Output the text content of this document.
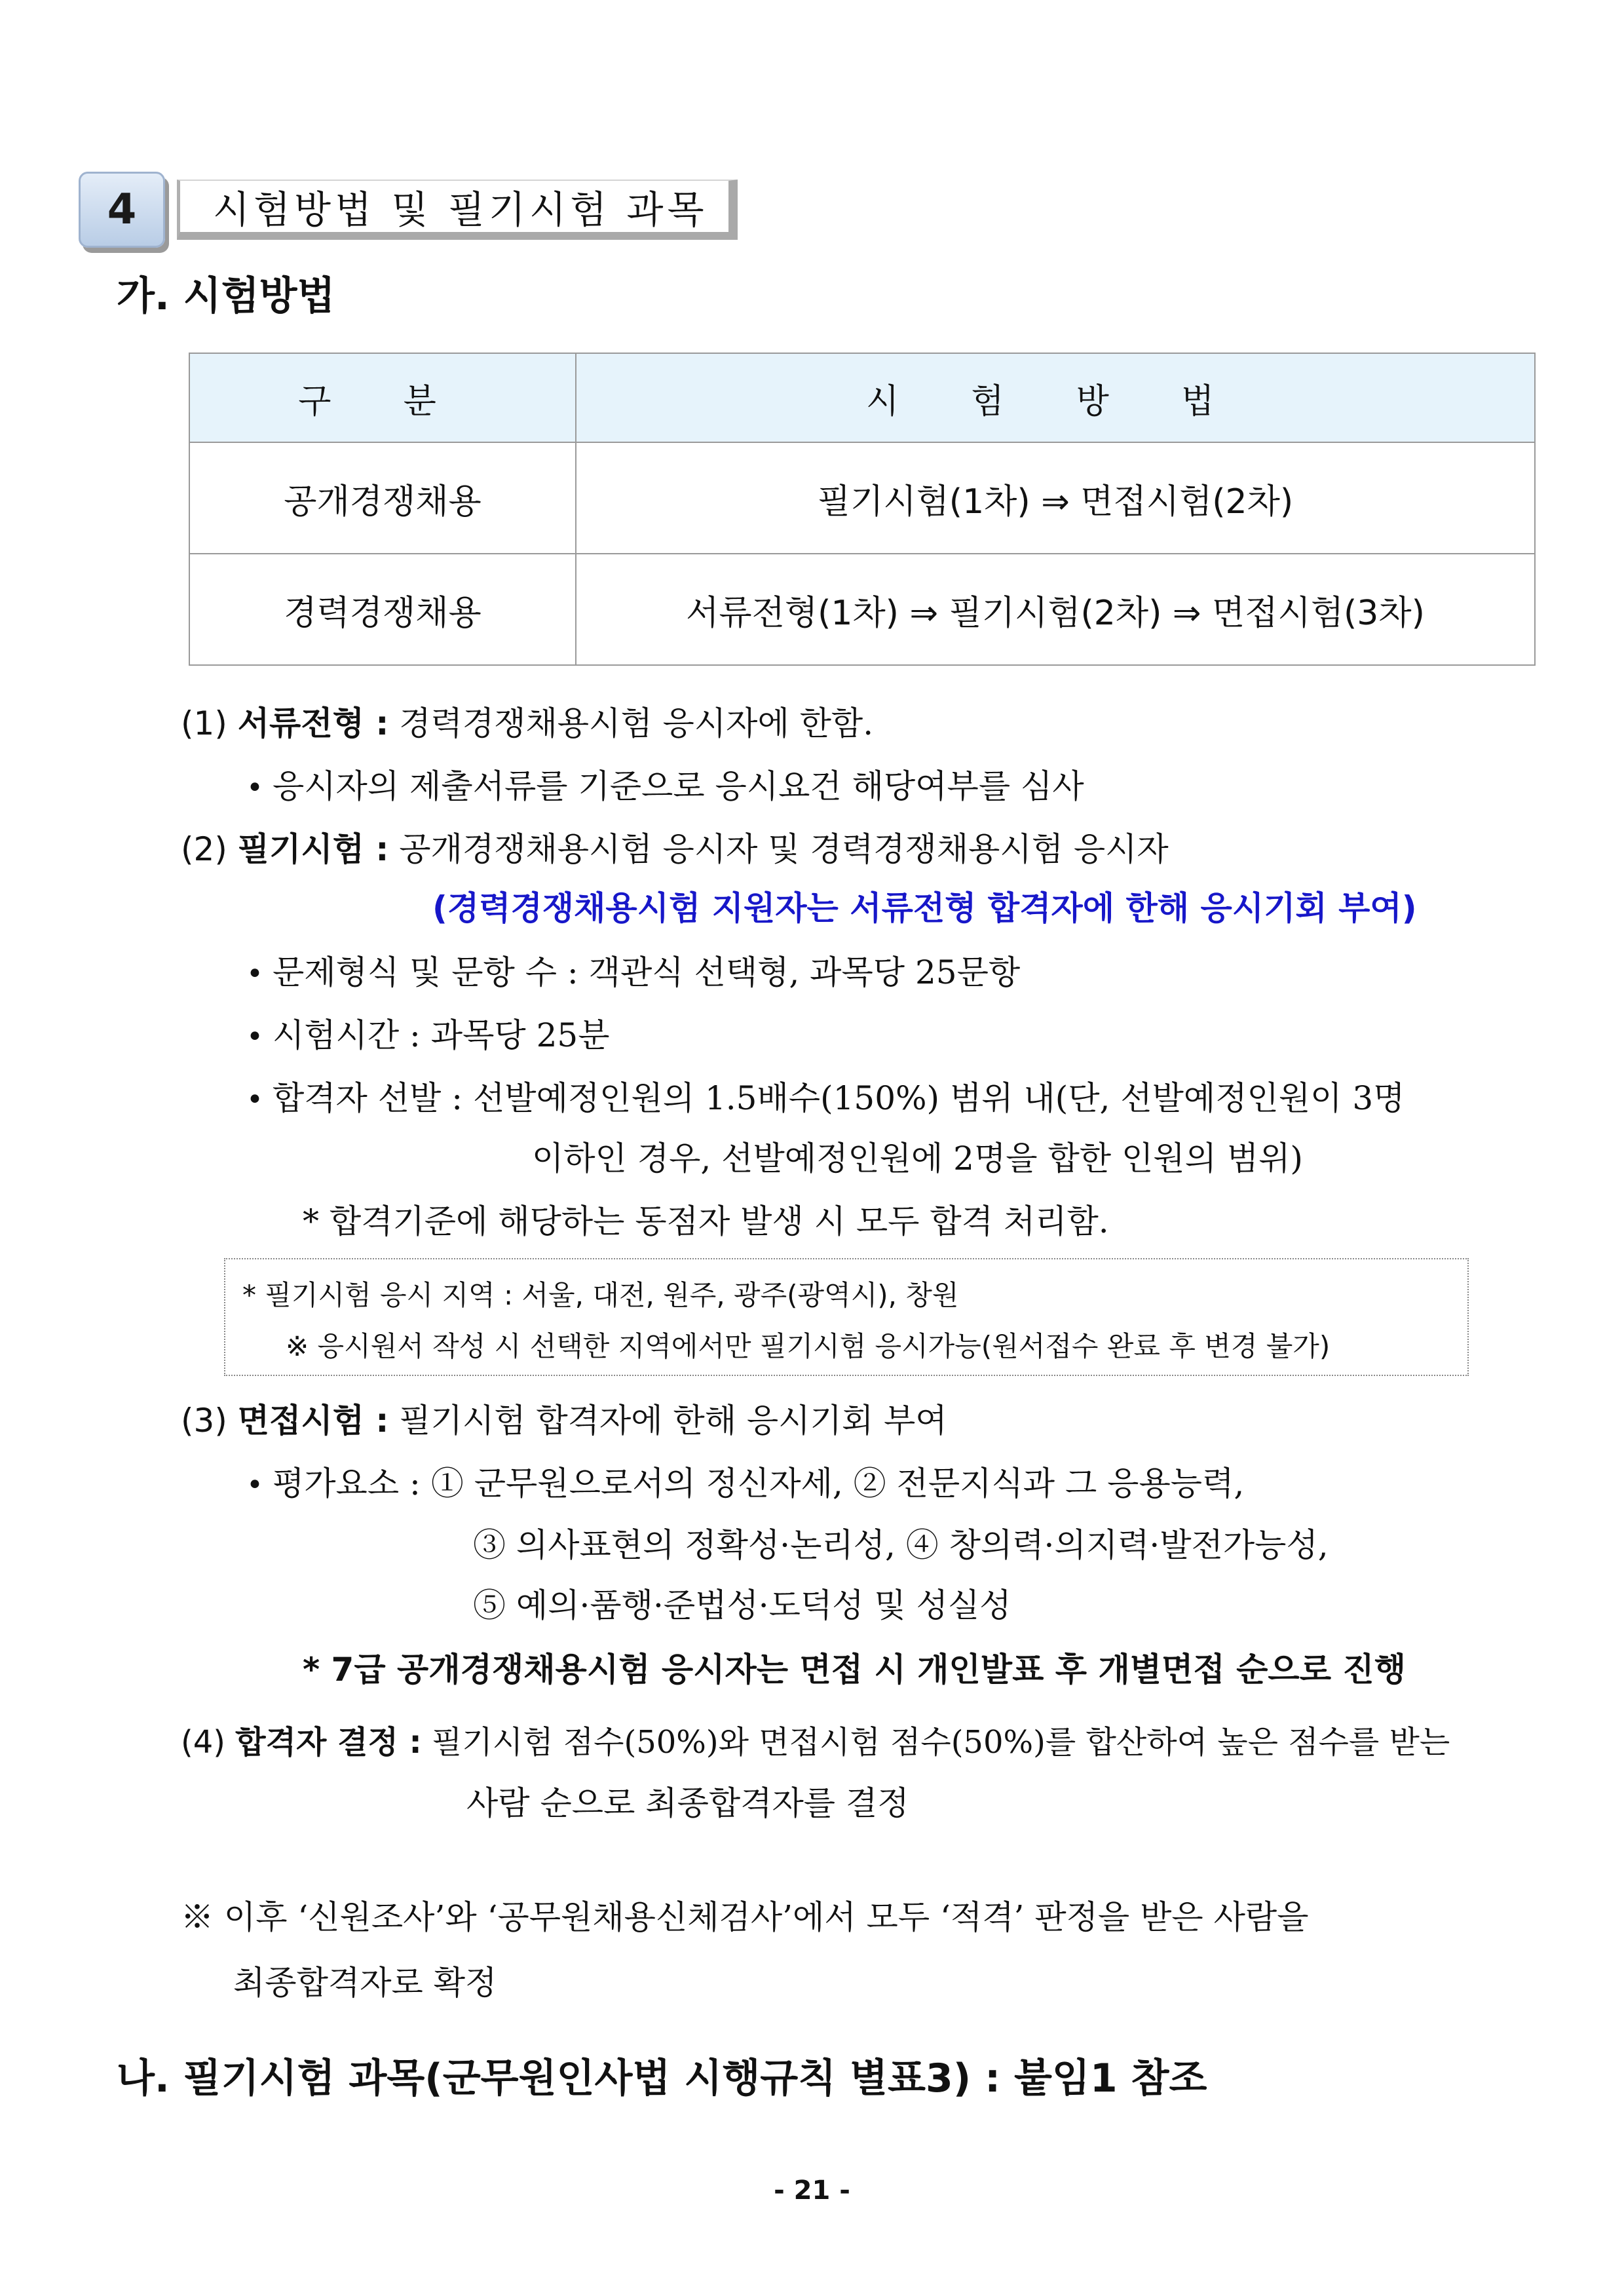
4 시험방법 및 필기시험 과목
가. 시험방법
구 분	시 험 방 법
공개경쟁채용	필기시험(1차) ⇒ 면접시험(2차)
경력경쟁채용	서류전형(1차) ⇒ 필기시험(2차) ⇒ 면접시험(3차)
(1) 서류전형 : 경력경쟁채용시험 응시자에 한함.
• 응시자의 제출서류를 기준으로 응시요건 해당여부를 심사
(2) 필기시험 : 공개경쟁채용시험 응시자 및 경력경쟁채용시험 응시자
(경력경쟁채용시험 지원자는 서류전형 합격자에 한해 응시기회 부여)
• 문제형식 및 문항 수 : 객관식 선택형, 과목당 25문항
• 시험시간 : 과목당 25분
• 합격자 선발 : 선발예정인원의 1.5배수(150%) 범위 내(단, 선발예정인원이 3명
이하인 경우, 선발예정인원에 2명을 합한 인원의 범위)
* 합격기준에 해당하는 동점자 발생 시 모두 합격 처리함.
* 필기시험 응시 지역 : 서울, 대전, 원주, 광주(광역시), 창원
※ 응시원서 작성 시 선택한 지역에서만 필기시험 응시가능(원서접수 완료 후 변경 불가)
(3) 면접시험 : 필기시험 합격자에 한해 응시기회 부여
• 평가요소 : ① 군무원으로서의 정신자세, ② 전문지식과 그 응용능력,
③ 의사표현의 정확성·논리성, ④ 창의력·의지력·발전가능성,
⑤ 예의·품행·준법성·도덕성 및 성실성
* 7급 공개경쟁채용시험 응시자는 면접 시 개인발표 후 개별면접 순으로 진행
(4) 합격자 결정 : 필기시험 점수(50%)와 면접시험 점수(50%)를 합산하여 높은 점수를 받는
사람 순으로 최종합격자를 결정
※ 이후 ‘신원조사’와 ‘공무원채용신체검사’에서 모두 ‘적격’ 판정을 받은 사람을
최종합격자로 확정
나. 필기시험 과목(군무원인사법 시행규칙 별표3) : 붙임1 참조
- 21 -
